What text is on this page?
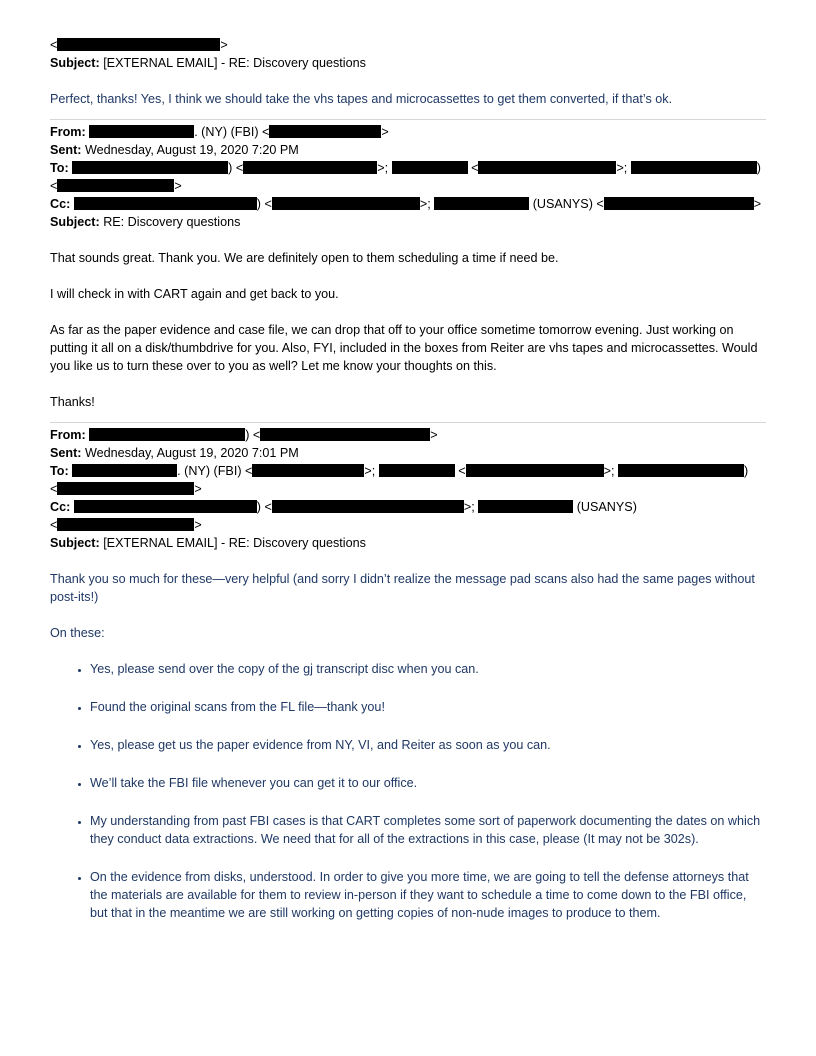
<	>
Subject: [EXTERNAL EMAIL] - RE: Discovery questions

Perfect, thanks! Yes, I think we should take the vhs tapes and microcassettes to get them converted, if that’s ok.

From:	. (NY) (FBI) <	>
Sent: Wednesday, August 19, 2020 7:20 PM
To:	) <	>;	<	>;	)
<	>
Cc:	) <	>;	(USANYS) <	>
Subject: RE: Discovery questions

That sounds great. Thank you. We are definitely open to them scheduling a time if need be.

I will check in with CART again and get back to you.

As far as the paper evidence and case file, we can drop that off to your office sometime tomorrow evening. Just working on putting it all on a disk/thumbdrive for you. Also, FYI, included in the boxes from Reiter are vhs tapes and microcassettes. Would you like us to turn these over to you as well? Let me know your thoughts on this.

Thanks!

From:	) <	>
Sent: Wednesday, August 19, 2020 7:01 PM
To:	. (NY) (FBI) <	>;	<	>;	)
<	>
Cc:	) <	>;	(USANYS)
<	>
Subject: [EXTERNAL EMAIL] - RE: Discovery questions

Thank you so much for these—very helpful (and sorry I didn’t realize the message pad scans also had the same pages without post-its!)

On these:

• Yes, please send over the copy of the gj transcript disc when you can.
• Found the original scans from the FL file—thank you!
• Yes, please get us the paper evidence from NY, VI, and Reiter as soon as you can.
• We’ll take the FBI file whenever you can get it to our office.
• My understanding from past FBI cases is that CART completes some sort of paperwork documenting the dates on which they conduct data extractions. We need that for all of the extractions in this case, please (It may not be 302s).
• On the evidence from disks, understood. In order to give you more time, we are going to tell the defense attorneys that the materials are available for them to review in-person if they want to schedule a time to come down to the FBI office, but that in the meantime we are still working on getting copies of non-nude images to produce to them.
